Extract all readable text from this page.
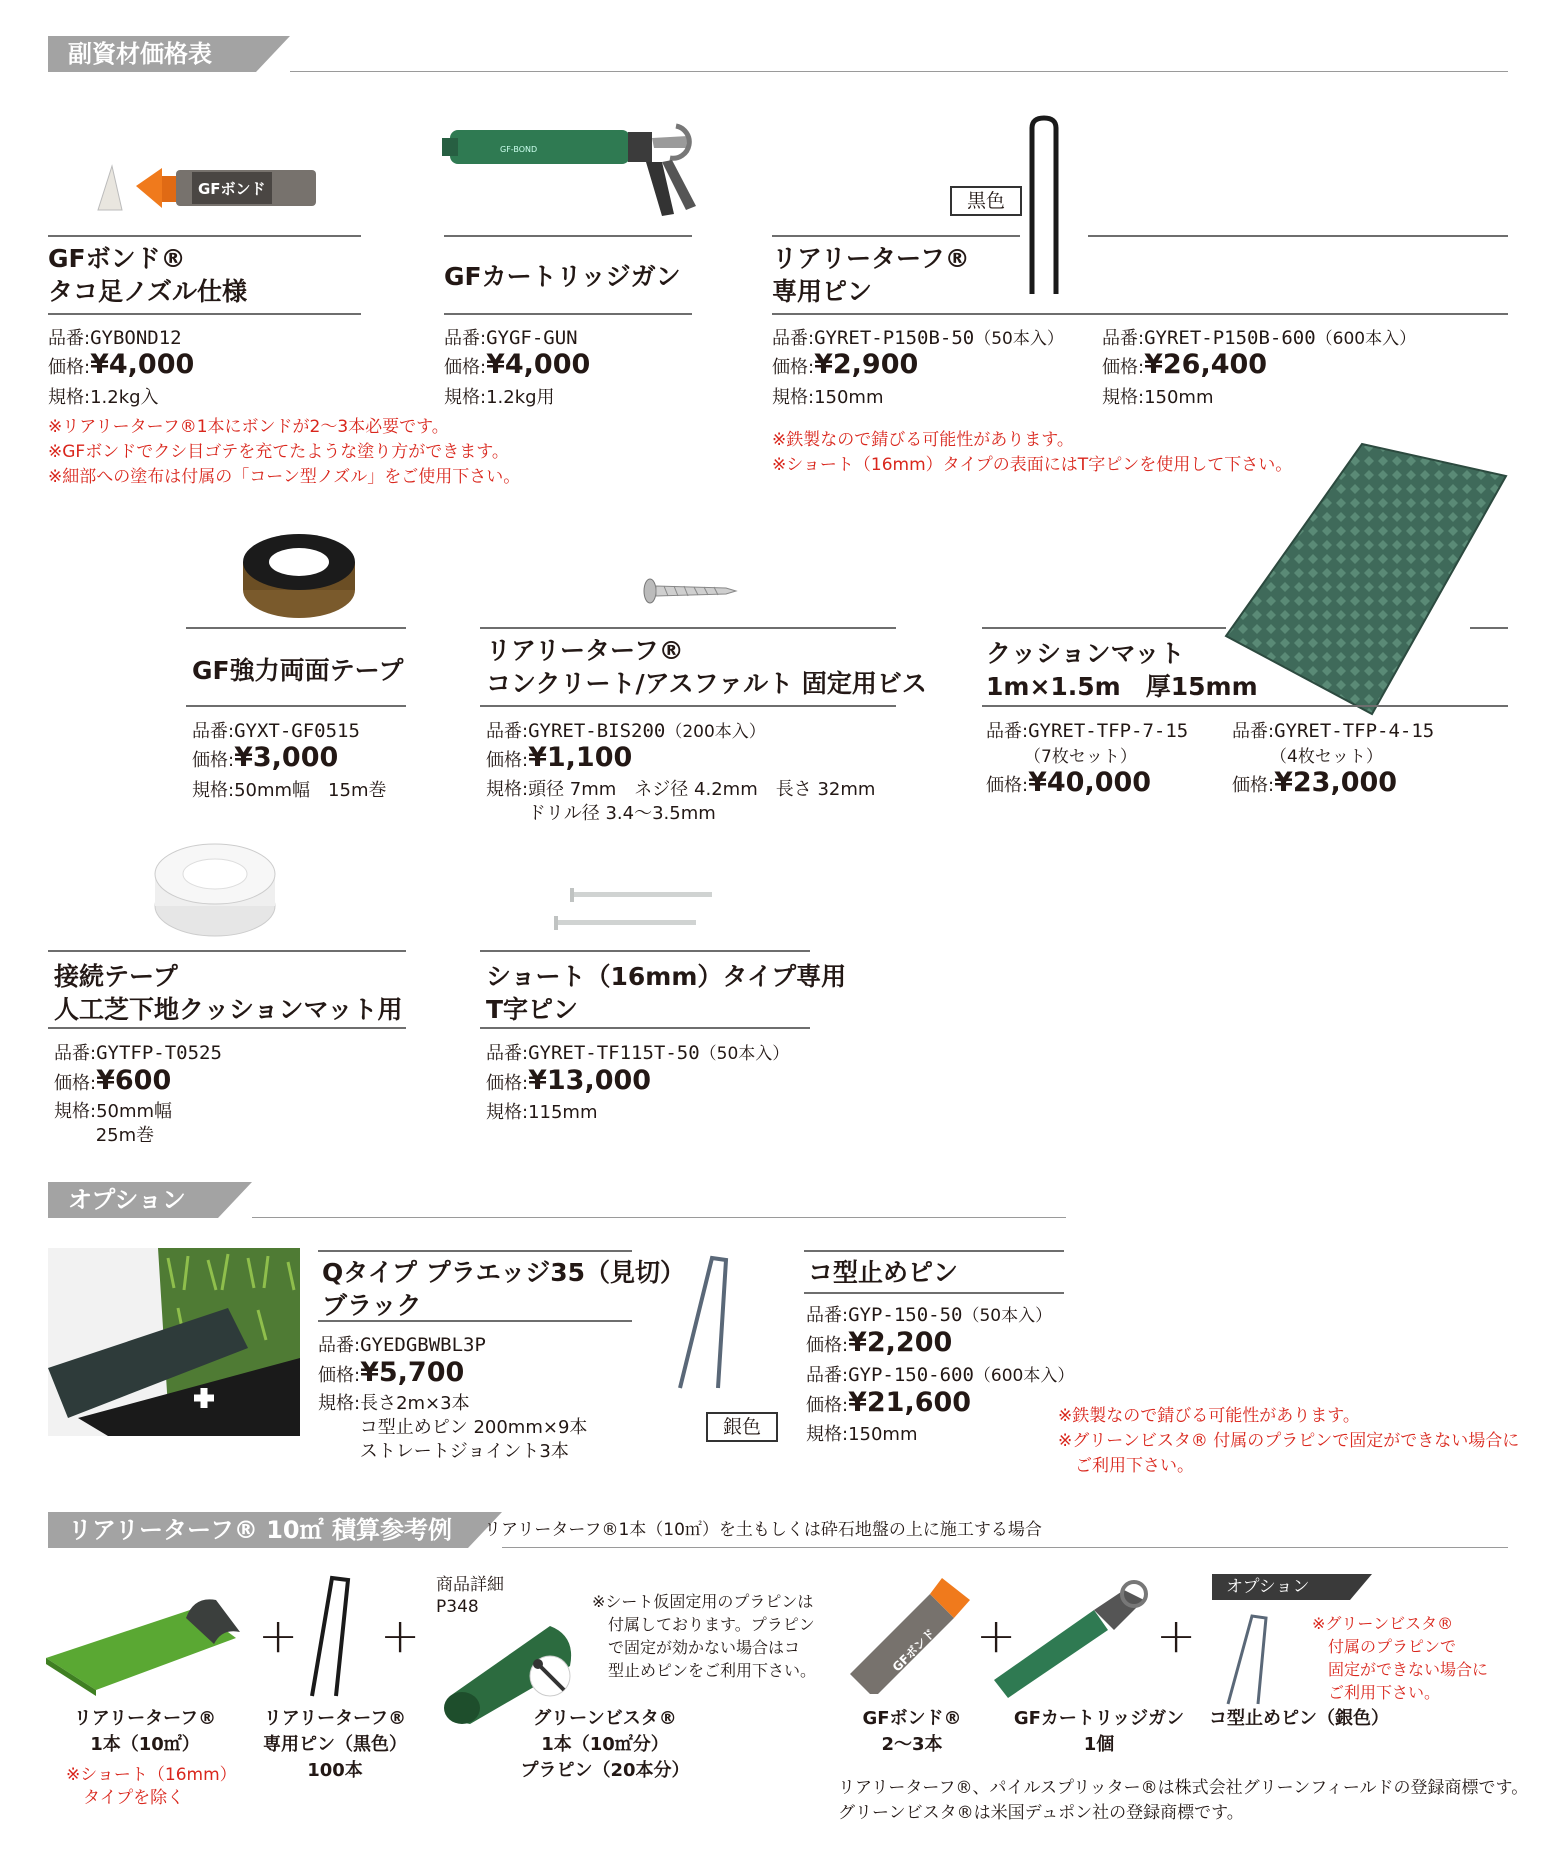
副資材価格表
GFボンド
GFボンド®
タコ足ノズル仕様
品番:GYBOND12
価格:¥4,000
規格:1.2kg入
※リアリーターフ®1本にボンドが2～3本必要です。
※GFボンドでクシ目ゴテを充てたような塗り方ができます。
※細部への塗布は付属の「コーン型ノズル」をご使用下さい。
GF-BOND
GFカートリッジガン
品番:GYGF-GUN
価格:¥4,000
規格:1.2kg用
黒色
リアリーターフ®
専用ピン
品番:GYRET-P150B-50（50本入）
価格:¥2,900
規格:150mm
品番:GYRET-P150B-600（600本入）
価格:¥26,400
規格:150mm
※鉄製なので錆びる可能性があります。
※ショート（16mm）タイプの表面にはT字ピンを使用して下さい。
GF強力両面テープ
品番:GYXT-GF0515
価格:¥3,000
規格:50mm幅　15m巻
リアリーターフ®
コンクリート/アスファルト 固定用ビス
品番:GYRET-BIS200（200本入）
価格:¥1,100
規格:頭径 7mm　ネジ径 4.2mm　長さ 32mm
　　 ドリル径 3.4～3.5mm
クッションマット
1m×1.5m　厚15mm
品番:GYRET-TFP-7-15
（7枚セット）
価格:¥40,000
品番:GYRET-TFP-4-15
（4枚セット）
価格:¥23,000
接続テープ
人工芝下地クッションマット用
品番:GYTFP-T0525
価格:¥600
規格:50mm幅
　　 25m巻
ショート（16mm）タイプ専用
T字ピン
品番:GYRET-TF115T-50（50本入）
価格:¥13,000
規格:115mm
オプション
Qタイプ プラエッジ35（見切）
ブラック
品番:GYEDGBWBL3P
価格:¥5,700
規格:長さ2m×3本
　　 コ型止めピン 200mm×9本
　　 ストレートジョイント3本
銀色
コ型止めピン
品番:GYP-150-50（50本入）
価格:¥2,200
品番:GYP-150-600（600本入）
価格:¥21,600
規格:150mm
※鉄製なので錆びる可能性があります。
※グリーンビスタ® 付属のプラピンで固定ができない場合に
　ご利用下さい。
リアリーターフ® 10㎡ 積算参考例	リアリーターフ®1本（10㎡）を土もしくは砕石地盤の上に施工する場合
+ +
商品詳細
P348	※シート仮固定用のプラピンは
　付属しております。プラピン
　で固定が効かない場合はコ
　型止めピンをご利用下さい。	GFボンド +	+
オプション
※グリーンビスタ®
　付属のプラピンで
　固定ができない場合に
　ご利用下さい。
リアリーターフ®
1本（10㎡）
※ショート（16mm）
　タイプを除く
リアリーターフ®
専用ピン（黒色）
100本
グリーンビスタ®
1本（10㎡分）
プラピン（20本分）
GFボンド®
2～3本
GFカートリッジガン
1個
コ型止めピン（銀色）
リアリーターフ®、パイルスプリッター®は株式会社グリーンフィールドの登録商標です。
グリーンビスタ®は米国デュポン社の登録商標です。
